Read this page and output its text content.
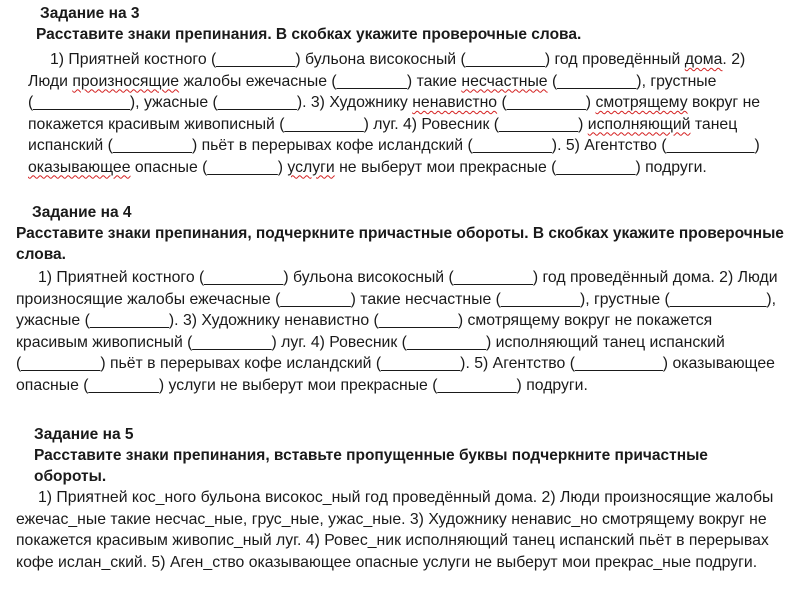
Задание на 3
Расставите знаки препинания. В скобках укажите проверочные слова.
1) Приятней костного (_________) бульона високосный (_________) год проведённый дома. 2) Люди произносящие жалобы ежечасные (________) такие несчастные (_________), грустные (___________), ужасные (_________). 3) Художнику ненавистно (_________) смотрящему вокруг не покажется красивым живописный (_________) луг. 4) Ровесник (_________) исполняющий танец испанский (_________) пьёт в перерывах кофе исландский (_________). 5) Агентство (__________) оказывающее опасные (________) услуги не выберут мои прекрасные (_________) подруги.
Задание на 4
Расставите знаки препинания, подчеркните причастные обороты. В скобках укажите проверочные слова.
1) Приятней костного (_________) бульона високосный (_________) год проведённый дома. 2) Люди произносящие жалобы ежечасные (________) такие несчастные (_________), грустные (___________), ужасные (_________). 3) Художнику ненавистно (_________) смотрящему вокруг не покажется красивым живописный (_________) луг. 4) Ровесник (_________) исполняющий танец испанский (_________) пьёт в перерывах кофе исландский (_________). 5) Агентство (__________) оказывающее опасные (________) услуги не выберут мои прекрасные (_________) подруги.
Задание на 5
Расставите знаки препинания, вставьте пропущенные буквы подчеркните причастные обороты.
1) Приятней кос_ного бульона високос_ный год проведённый дома. 2) Люди произносящие жалобы ежечас_ные такие несчас_ные, грус_ные, ужас_ные. 3) Художнику ненавис_но смотрящему вокруг не покажется красивым живопис_ный луг. 4) Ровес_ник исполняющий танец испанский пьёт в перерывах кофе ислан_ский. 5) Аген_ство оказывающее опасные услуги не выберут мои прекрас_ные подруги.
